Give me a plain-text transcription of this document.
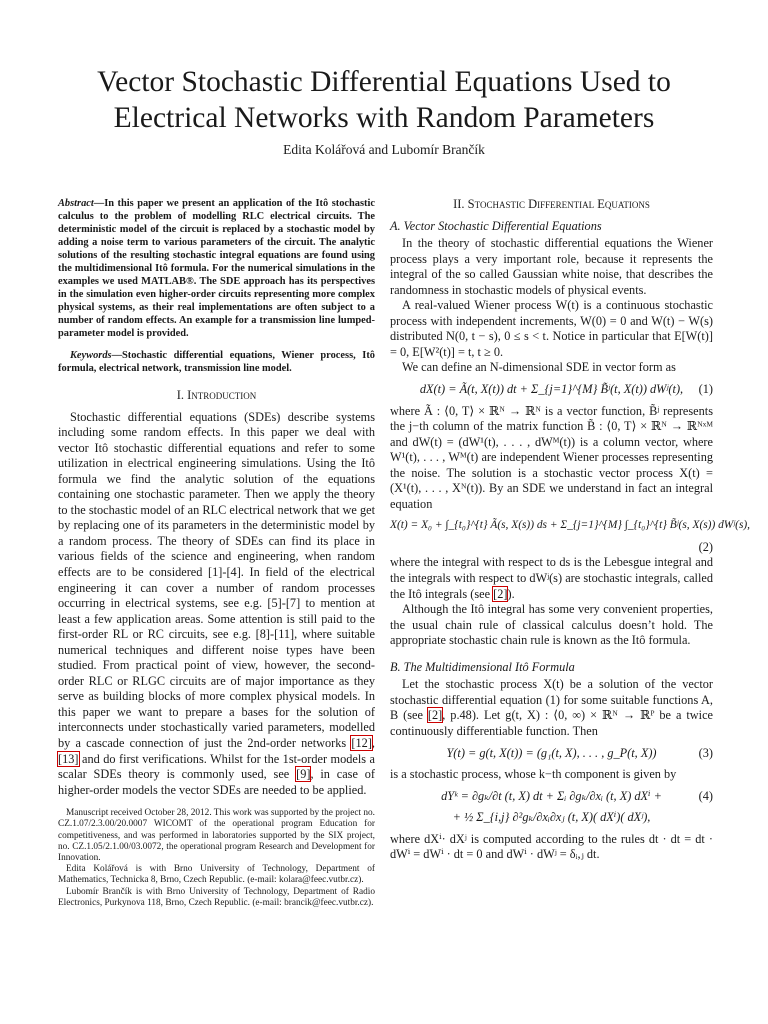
Vector Stochastic Differential Equations Used to Electrical Networks with Random Parameters
Edita Kolářová and Lubomír Brančík

Abstract—In this paper we present an application of the Itô stochastic calculus to the problem of modelling RLC electrical circuits. The deterministic model of the circuit is replaced by a stochastic model by adding a noise term to various parameters of the circuit. The analytic solutions of the resulting stochastic integral equations are found using the multidimensional Itô formula. For the numerical simulations in the examples we used MATLAB®. The SDE approach has its perspectives in the simulation even higher-order circuits representing more complex physical systems, as their real implementations are often subject to a number of random effects. An example for a transmission line lumped-parameter model is provided.

Keywords—Stochastic differential equations, Wiener process, Itô formula, electrical network, transmission line model.

I. Introduction

Stochastic differential equations (SDEs) describe systems including some random effects. In this paper we deal with vector Itô stochastic differential equations and refer to some utilization in electrical engineering simulations. Using the Itô formula we find the analytic solution of the equations containing one stochastic parameter. Then we apply the theory to the stochastic model of an RLC electrical network that we get by replacing one of its parameters in the deterministic model by a random process. The theory of SDEs can find its place in various fields of the science and engineering, when random effects are to be considered [1]-[4]. In field of the electrical engineering it can cover a number of random processes occurring in electrical systems, see e.g. [5]-[7] to mention at least a few application areas. Some attention is still paid to the first-order RL or RC circuits, see e.g. [8]-[11], where suitable numerical techniques and different noise types have been studied. From practical point of view, however, the second-order RLC or RLGC circuits are of major importance as they serve as building blocks of more complex physical models. In this paper we want to prepare a bases for the solution of interconnects under stochastically varied parameters, modelled by a cascade connection of just the 2nd-order networks [12], [13] and do first verifications. Whilst for the 1st-order models a scalar SDEs theory is commonly used, see [9], in case of higher-order models the vector SDEs are needed to be applied.

Manuscript received October 28, 2012. This work was supported by the project no. CZ.1.07/2.3.00/20.0007 WICOMT of the operational program Education for competitiveness, and was performed in laboratories supported by the SIX project, no. CZ.1.05/2.1.00/03.0072, the operational program Research and Development for Innovation.

Edita Kolářová is with Brno University of Technology, Department of Mathematics, Technicka 8, Brno, Czech Republic. (e-mail: kolara@feec.vutbr.cz).

Lubomír Brančík is with Brno University of Technology, Department of Radio Electronics, Purkynova 118, Brno, Czech Republic. (e-mail: brancik@feec.vutbr.cz).

II. Stochastic Differential Equations
A. Vector Stochastic Differential Equations

In the theory of stochastic differential equations the Wiener process plays a very important role, because it represents the integral of the so called Gaussian white noise, that describes the randomness in stochastic models of physical events.

A real-valued Wiener process W(t) is a continuous stochastic process with independent increments, W(0) = 0 and W(t) − W(s) distributed N(0, t − s), 0 ≤ s < t. Notice in particular that E[W(t)] = 0, E[W²(t)] = t, t ≥ 0.

We can define an N-dimensional SDE in vector form as

dX(t) = Ã(t, X(t)) dt + Σ_{j=1}^{M} B̃ʲ(t, X(t)) dWʲ(t), (1)

where Ã : ⟨0, T⟩ × ℝᴺ → ℝᴺ is a vector function, B̃ʲ represents the j−th column of the matrix function B̃ : ⟨0, T⟩ × ℝᴺ → ℝᴺˣᴹ and dW(t) = (dW¹(t), . . . , dWᴹ(t)) is a column vector, where W¹(t), . . . , Wᴹ(t) are independent Wiener processes representing the noise. The solution is a stochastic vector process X(t) = (X¹(t), . . . , Xᴺ(t)). By an SDE we understand in fact an integral equation

X(t) = X₀ + ∫_{t₀}^{t} Ã(s, X(s)) ds + Σ_{j=1}^{M} ∫_{t₀}^{t} B̃ʲ(s, X(s)) dWʲ(s),
(2)

where the integral with respect to ds is the Lebesgue integral and the integrals with respect to dWʲ(s) are stochastic integrals, called the Itô integrals (see [2]).

Although the Itô integral has some very convenient properties, the usual chain rule of classical calculus doesn’t hold. The appropriate stochastic chain rule is known as the Itô formula.

B. The Multidimensional Itô Formula

Let the stochastic process X(t) be a solution of the vector stochastic differential equation (1) for some suitable functions A, B (see [2], p.48). Let g(t, X) : ⟨0, ∞) × ℝᴺ → ℝᴾ be a twice continuously differentiable function. Then

Y(t) = g(t, X(t)) = (g₁(t, X), . . . , g_P(t, X))	(3)

is a stochastic process, whose k−th component is given by

dYᵏ = ∂gₖ/∂t (t, X) dt + Σᵢ ∂gₖ/∂xᵢ (t, X) dXⁱ +	(4)
+ ½ Σ_{i,j} ∂²gₖ/∂xᵢ∂xⱼ (t, X)( dXⁱ)( dXʲ),

where dXⁱ· dXʲ is computed according to the rules dt · dt = dt · dWⁱ = dWⁱ · dt = 0 and dWⁱ · dWʲ = δᵢ,ⱼ dt.
